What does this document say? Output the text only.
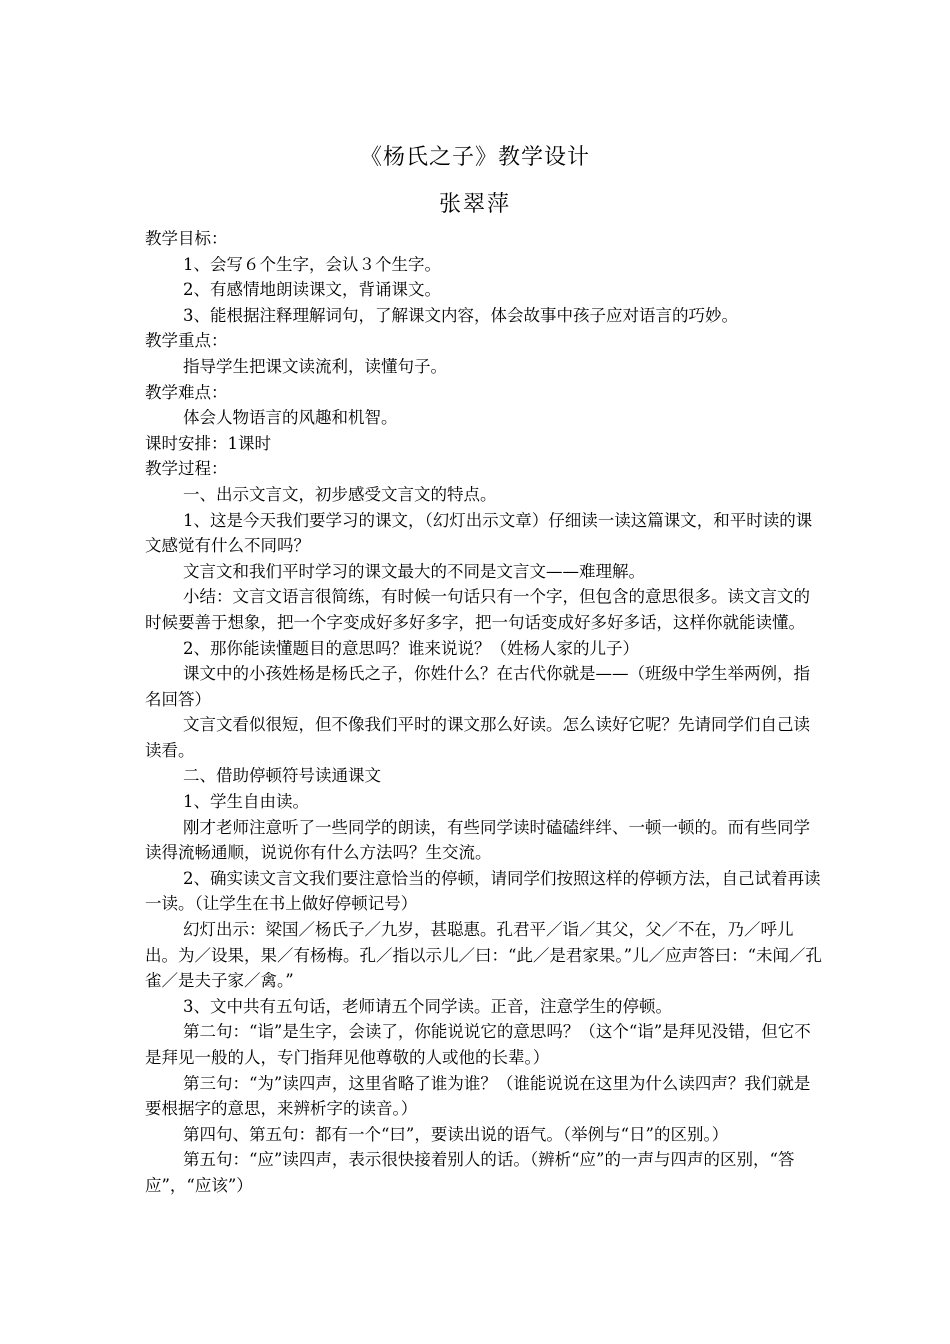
《杨氏之子》教学设计
张翠萍

教学目标：

1、会写６个生字，会认３个生字。

2、有感情地朗读课文，背诵课文。

3、能根据注释理解词句，了解课文内容，体会故事中孩子应对语言的巧妙。

教学重点：

指导学生把课文读流利，读懂句子。

教学难点：

体会人物语言的风趣和机智。

课时安排：1课时

教学过程：

一、出示文言文，初步感受文言文的特点。

1、这是今天我们要学习的课文，（幻灯出示文章）仔细读一读这篇课文，和平时读的课文感觉有什么不同吗？

文言文和我们平时学习的课文最大的不同是文言文——难理解。

小结：文言文语言很简练，有时候一句话只有一个字，但包含的意思很多。读文言文的时候要善于想象，把一个字变成好多好多字，把一句话变成好多好多话，这样你就能读懂。

2、那你能读懂题目的意思吗？谁来说说？（姓杨人家的儿子）

课文中的小孩姓杨是杨氏之子，你姓什么？在古代你就是——（班级中学生举两例，指名回答）

文言文看似很短，但不像我们平时的课文那么好读。怎么读好它呢？先请同学们自己读读看。

二、借助停顿符号读通课文

1、学生自由读。

刚才老师注意听了一些同学的朗读，有些同学读时磕磕绊绊、一顿一顿的。而有些同学读得流畅通顺，说说你有什么方法吗？生交流。

2、确实读文言文我们要注意恰当的停顿，请同学们按照这样的停顿方法，自己试着再读一读。（让学生在书上做好停顿记号）

幻灯出示：梁国／杨氏子／九岁，甚聪惠。孔君平／诣／其父，父／不在，乃／呼儿出。为／设果，果／有杨梅。孔／指以示儿／曰：“此／是君家果。”儿／应声答曰：“未闻／孔雀／是夫子家／禽。”

3、文中共有五句话，老师请五个同学读。正音，注意学生的停顿。

第二句：“诣”是生字，会读了，你能说说它的意思吗？（这个“诣”是拜见没错，但它不是拜见一般的人，专门指拜见他尊敬的人或他的长辈。）

第三句：“为”读四声，这里省略了谁为谁？（谁能说说在这里为什么读四声？我们就是要根据字的意思，来辨析字的读音。）

第四句、第五句：都有一个“曰”，要读出说的语气。（举例与“日”的区别。）

第五句：“应”读四声，表示很快接着别人的话。（辨析“应”的一声与四声的区别，“答应”，“应该”）
